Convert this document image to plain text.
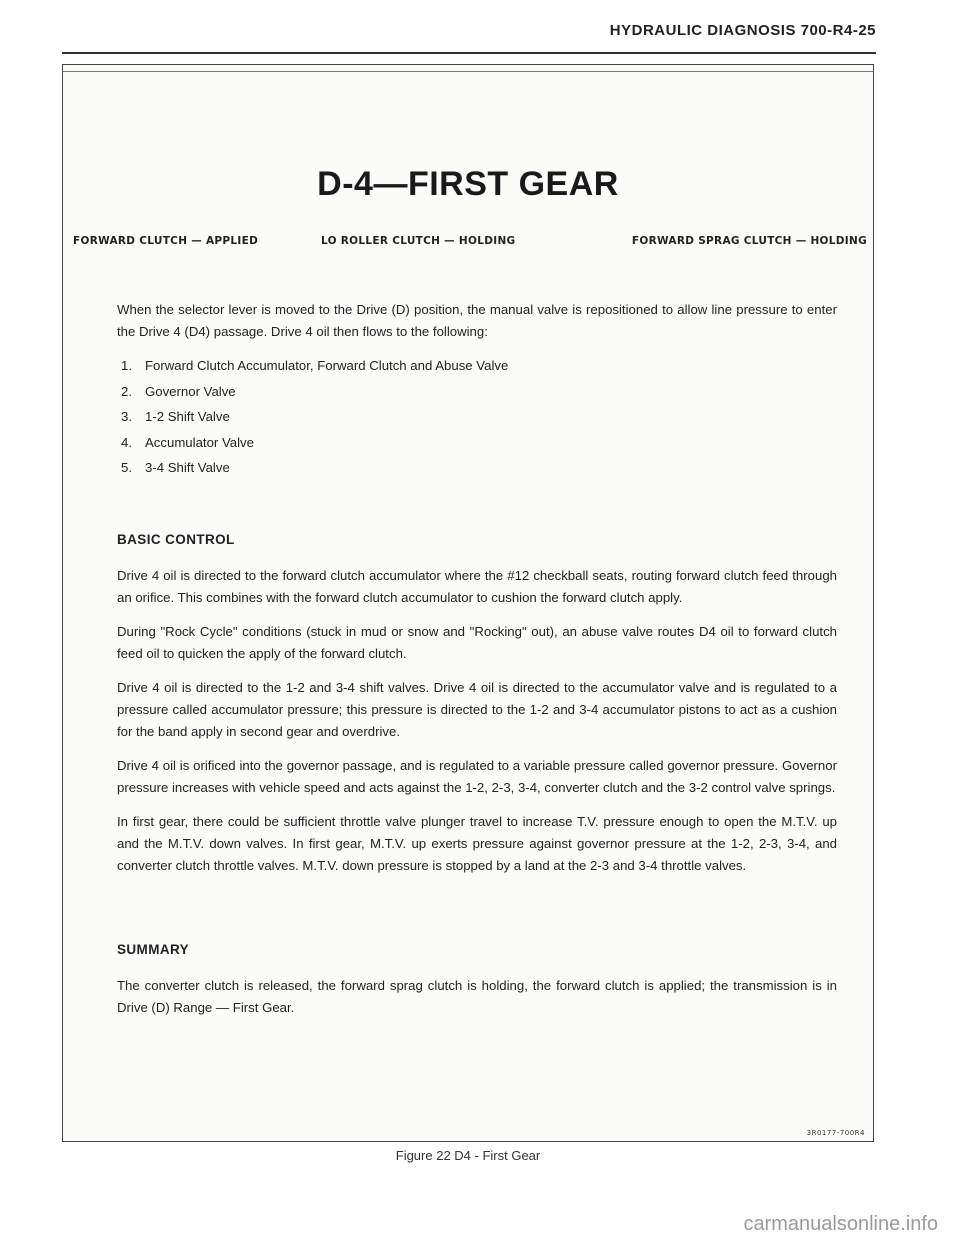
HYDRAULIC DIAGNOSIS 700-R4-25
D-4—FIRST GEAR
FORWARD CLUTCH — APPLIED	LO ROLLER CLUTCH — HOLDING	FORWARD SPRAG CLUTCH — HOLDING

When the selector lever is moved to the Drive (D) position, the manual valve is repositioned to allow line pressure to enter the Drive 4 (D4) passage. Drive 4 oil then flows to the following:

1. Forward Clutch Accumulator, Forward Clutch and Abuse Valve
2. Governor Valve
3. 1-2 Shift Valve
4. Accumulator Valve
5. 3-4 Shift Valve
BASIC CONTROL

Drive 4 oil is directed to the forward clutch accumulator where the #12 checkball seats, routing forward clutch feed through an orifice. This combines with the forward clutch accumulator to cushion the forward clutch apply.

During "Rock Cycle" conditions (stuck in mud or snow and "Rocking" out), an abuse valve routes D4 oil to forward clutch feed oil to quicken the apply of the forward clutch.

Drive 4 oil is directed to the 1-2 and 3-4 shift valves. Drive 4 oil is directed to the accumulator valve and is regulated to a pressure called accumulator pressure; this pressure is directed to the 1-2 and 3-4 accumulator pistons to act as a cushion for the band apply in second gear and overdrive.

Drive 4 oil is orificed into the governor passage, and is regulated to a variable pressure called governor pressure. Governor pressure increases with vehicle speed and acts against the 1-2, 2-3, 3-4, converter clutch and the 3-2 control valve springs.

In first gear, there could be sufficient throttle valve plunger travel to increase T.V. pressure enough to open the M.T.V. up and the M.T.V. down valves. In first gear, M.T.V. up exerts pressure against governor pressure at the 1-2, 2-3, 3-4, and converter clutch throttle valves. M.T.V. down pressure is stopped by a land at the 2-3 and 3-4 throttle valves.

SUMMARY

The converter clutch is released, the forward sprag clutch is holding, the forward clutch is applied; the transmission is in Drive (D) Range — First Gear.

3R0177-700R4
Figure 22 D4 - First Gear
carmanualsonline.info
